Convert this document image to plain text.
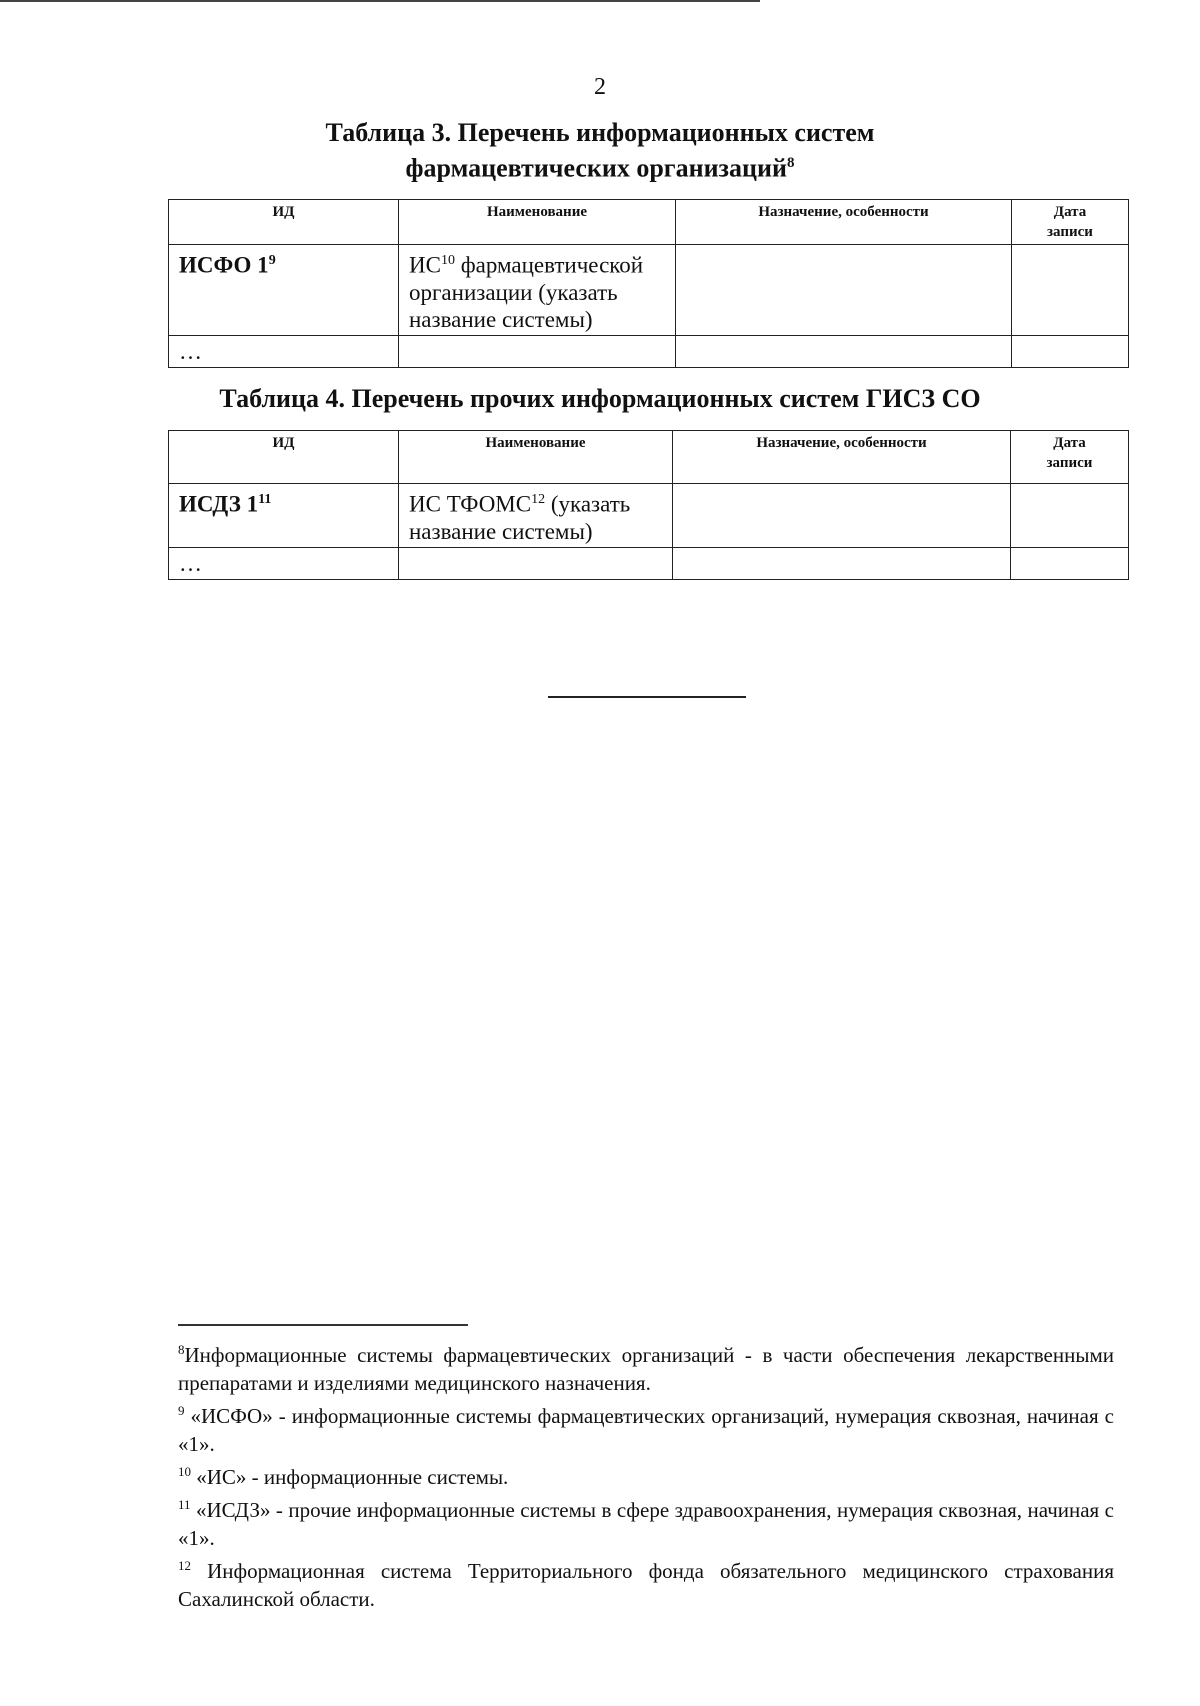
2
Таблица 3. Перечень информационных систем
фармацевтических организаций$^8$
ИД	Наименование	Назначение, особенности	Дата
записи

ИСФО $1^9$	ИС$^{10}$ фармацевтической организации (указать название системы)		
…			
Таблица 4. Перечень прочих информационных систем ГИСЗ СО
ИД	Наименование	Назначение, особенности	Дата
записи

ИСДЗ $1^{11}$	ИС ТФОМС$^{12}$ (указать название системы)		
…			
$^8$Информационные системы фармацевтических организаций - в части обеспечения лекарственными препаратами и изделиями медицинского назначения.
$^9$ «ИСФО» - информационные системы фармацевтических организаций, нумерация сквозная, начиная с «1».
$^{10}$ «ИС» - информационные системы.
$^{11}$ «ИСДЗ» - прочие информационные системы в сфере здравоохранения, нумерация сквозная, начиная с «1».
$^{12}$ Информационная система Территориального фонда обязательного медицинского страхования Сахалинской области.
